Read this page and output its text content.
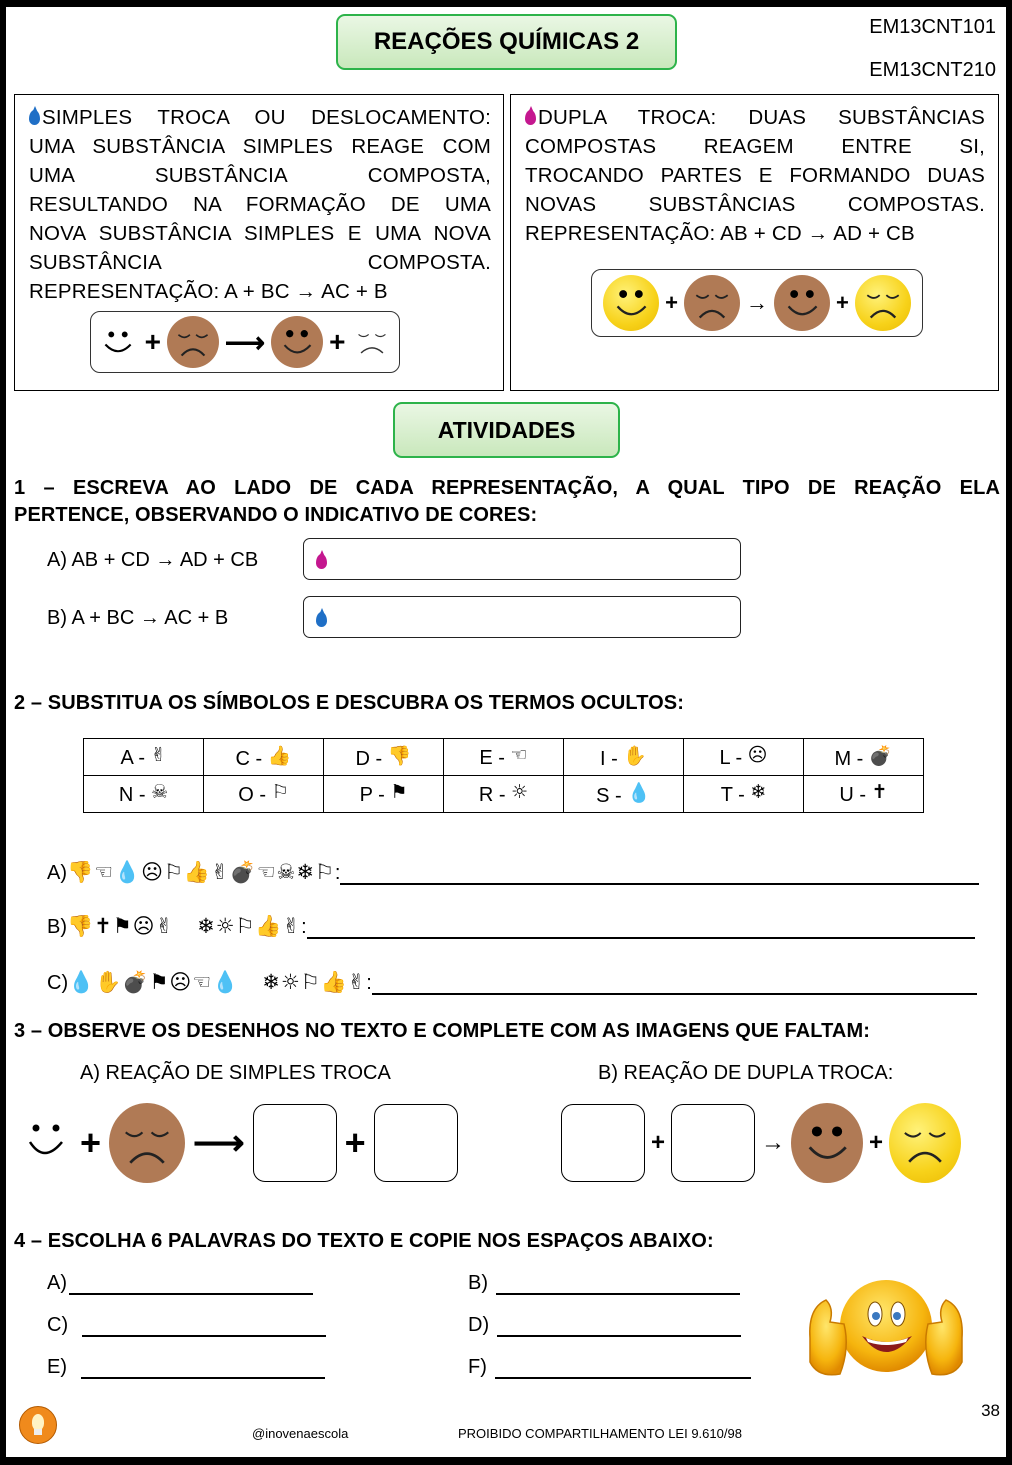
REAÇÕES QUÍMICAS 2
EM13CNT101
EM13CNT210
SIMPLES TROCA OU DESLOCAMENTO:
UMA SUBSTÂNCIA SIMPLES REAGE COM
UMA SUBSTÂNCIA COMPOSTA,
RESULTANDO NA FORMAÇÃO DE UMA
NOVA SUBSTÂNCIA SIMPLES E UMA NOVA
SUBSTÂNCIA COMPOSTA.
REPRESENTAÇÃO: A + BC → AC + B
+ ⟶ +
DUPLA TROCA: DUAS SUBSTÂNCIAS
COMPOSTAS REAGEM ENTRE SI,
TROCANDO PARTES E FORMANDO DUAS
NOVAS SUBSTÂNCIAS COMPOSTAS.
REPRESENTAÇÃO: AB + CD → AD + CB
+	→	+
ATIVIDADES
1 – ESCREVA AO LADO DE CADA REPRESENTAÇÃO, A QUAL TIPO DE REAÇÃO ELA
PERTENCE, OBSERVANDO O INDICATIVO DE CORES:
A) AB + CD → AD + CB
B) A + BC → AC + B
2 – SUBSTITUA OS SÍMBOLOS E DESCUBRA OS TERMOS OCULTOS:
A - ✌	C - 👍	D - 👎	E - ☜	I - ✋	L - ☹	M - 💣
N - ☠	O - ⚐	P - ⚑	R - ☼	S - 💧	T - ❄	U - ✝
A) 👎☜💧☹⚐👍✌💣☜☠❄⚐ :
B) 👎✝⚑☹✌   ❄☼⚐👍✌ :
C) 💧✋💣⚑☹☜💧   ❄☼⚐👍✌ :
3 – OBSERVE OS DESENHOS NO TEXTO E COMPLETE COM AS IMAGENS QUE FALTAM:
A) REAÇÃO DE SIMPLES TROCA	B) REAÇÃO DE DUPLA TROCA:
+	⟶	+	+	→	+
4 – ESCOLHA 6 PALAVRAS DO TEXTO E COPIE NOS ESPAÇOS ABAIXO:
A)	B)
C)	D)
E)	F)
@inovenaescola	PROIBIDO COMPARTILHAMENTO LEI 9.610/98
38
